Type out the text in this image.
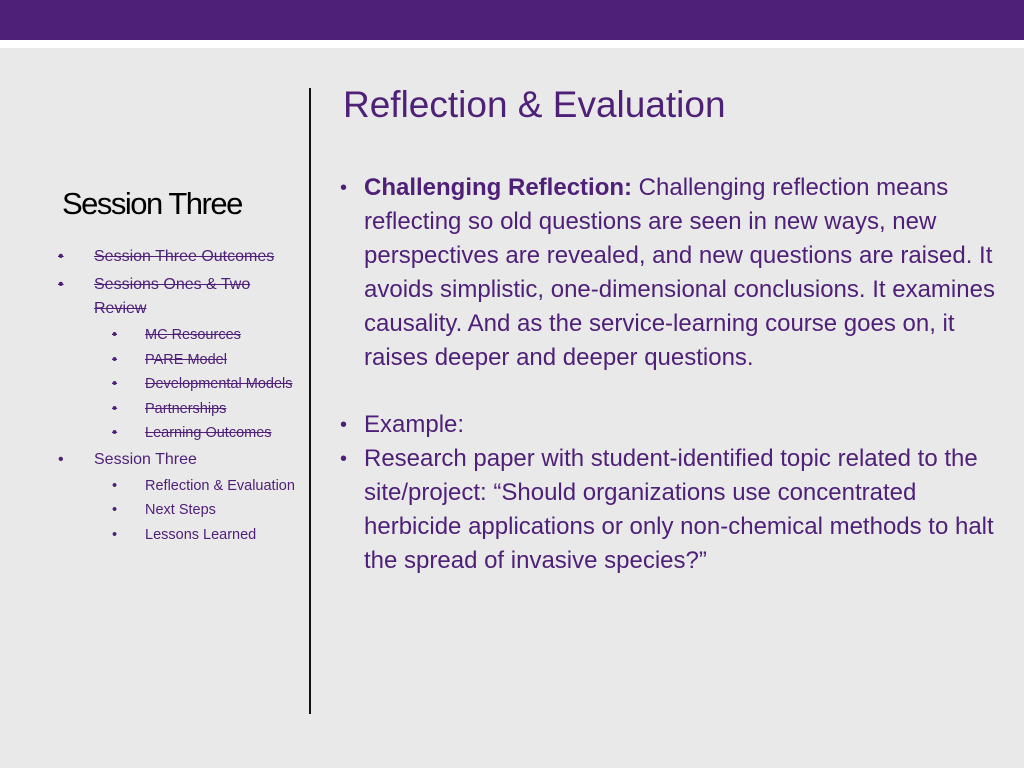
Session Three
• Session Three Outcomes
• Sessions Ones & Two Review
• MC Resources
• PARE Model
• Developmental Models
• Partnerships
• Learning Outcomes
• Session Three
• Reflection & Evaluation
• Next Steps
• Lessons Learned
Reflection & Evaluation
• Challenging Reflection: Challenging reflection means reflecting so old questions are seen in new ways, new perspectives are revealed, and new questions are raised. It avoids simplistic, one-dimensional conclusions. It examines causality. And as the service-learning course goes on, it raises deeper and deeper questions.
• Example:
• Research paper with student-identified topic related to the site/project: “Should organizations use concentrated herbicide applications or only non-chemical methods to halt the spread of invasive species?”
